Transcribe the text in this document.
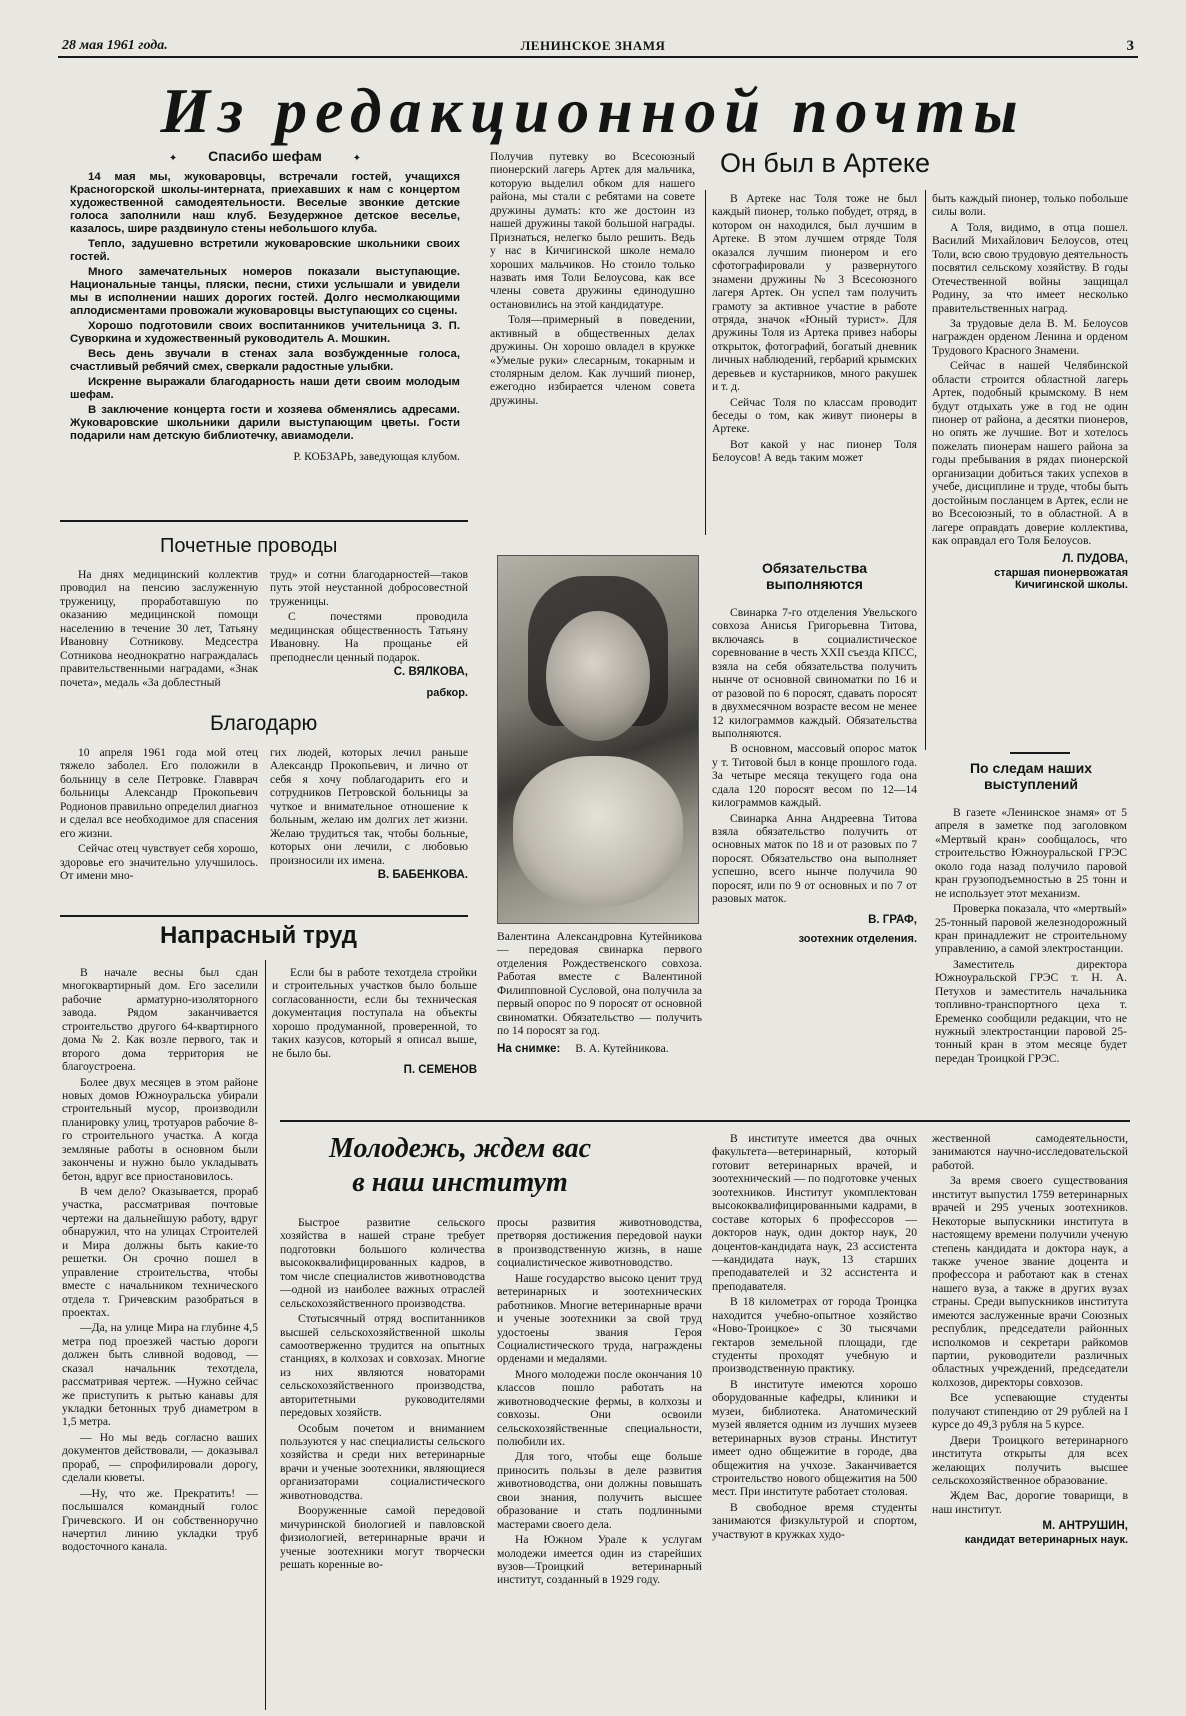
28 мая 1961 года.	ЛЕНИНСКОЕ ЗНАМЯ	3
Из редакционной почты
✦ Спасибо шефам	✦

14 мая мы, жуковаровцы, встречали гостей, учащихся Красногорской школы-интерната, приехавших к нам с концертом художественной самодеятельности. Веселые звонкие детские голоса заполнили наш клуб. Безудержное детское веселье, казалось, шире раздвинуло стены небольшого клуба.

Тепло, задушевно встретили жуковаровские школьники своих гостей.

Много замечательных номеров показали выступающие. Национальные танцы, пляски, песни, стихи услышали и увидели мы в исполнении наших дорогих гостей. Долго несмолкающими аплодисментами провожали жуковаровцы выступающих со сцены.

Хорошо подготовили своих воспитанников учительница З. П. Суворкина и художественный руководитель А. Мошкин.

Весь день звучали в стенах зала возбужденные голоса, счастливый ребячий смех, сверкали радостные улыбки.

Искренне выражали благодарность наши дети своим молодым шефам.

В заключение концерта гости и хозяева обменялись адресами. Жуковаровские школьники дарили выступающим цветы. Гости подарили нам детскую библиотечку, авиамодели.

Р. КОБЗАРЬ, заведующая клубом.
Он был в Артеке

Получив путевку во Всесоюзный пионерский лагерь Артек для мальчика, которую выделил обком для нашего района, мы стали с ребятами на совете дружины думать: кто же достоин из нашей дружины такой большой награды. Признаться, нелегко было решить. Ведь у нас в Кичигинской школе немало хороших мальчиков. Но стоило только назвать имя Толи Белоусова, как все члены совета дружины единодушно остановились на этой кандидатуре.

Толя—примерный в поведении, активный в общественных делах дружины. Он хорошо овладел в кружке «Умелые руки» слесарным, токарным и столярным делом. Как лучший пионер, ежегодно избирается членом совета дружины.

В Артеке нас Толя тоже не был каждый пионер, только побудет, отряд, в котором он находился, был лучшим в Артеке. В этом лучшем отряде Толя оказался лучшим пионером и его сфотографировали у развернутого знамени дружины № 3 Всесоюзного лагеря Артек. Он успел там получить грамоту за активное участие в работе отряда, значок «Юный турист». Для дружины Толя из Артека привез наборы открыток, фотографий, богатый дневник личных наблюдений, гербарий крымских деревьев и кустарников, много ракушек и т. д.

Сейчас Толя по классам проводит беседы о том, как живут пионеры в Артеке.

Вот какой у нас пионер Толя Белоусов! А ведь таким может

быть каждый пионер, только побольше силы воли.

А Толя, видимо, в отца пошел. Василий Михайлович Белоусов, отец Толи, всю свою трудовую деятельность посвятил сельскому хозяйству. В годы Отечественной войны защищал Родину, за что имеет несколько правительственных наград.

За трудовые дела В. М. Белоусов награжден орденом Ленина и орденом Трудового Красного Знамени.

Сейчас в нашей Челябинской области строится областной лагерь Артек, подобный крымскому. В нем будут отдыхать уже в год не один пионер от района, а десятки пионеров, но опять же лучшие. Вот и хотелось пожелать пионерам нашего района за годы пребывания в рядах пионерской организации добиться таких успехов в учебе, дисциплине и труде, чтобы быть достойным посланцем в Артек, если не во Всесоюзный, то в областной. А в лагере оправдать доверие коллектива, как оправдал его Толя Белоусов.

Л. ПУДОВА,
старшая пионервожатая Кичигинской школы.
Почетные проводы

На днях медицинский коллектив проводил на пенсию заслуженную труженицу, проработавшую по оказанию медицинской помощи населению в течение 30 лет, Татьяну Ивановну Сотникову. Медсестра Сотникова неоднократно награждалась правительственными наградами, «Знак почета», медаль «За доблестный

труд» и сотни благодарностей—таков путь этой неустанной добросовестной труженицы.

С почестями проводила медицинская общественность Татьяну Ивановну. На прощанье ей преподнесли ценный подарок.

С. ВЯЛКОВА,
рабкор.
Благодарю

10 апреля 1961 года мой отец тяжело заболел. Его положили в больницу в селе Петровке. Главврач больницы Александр Прокопьевич Родионов правильно определил диагноз и сделал все необходимое для спасения его жизни.

Сейчас отец чувствует себя хорошо, здоровье его значительно улучшилось. От имени мно-

гих людей, которых лечил раньше Александр Прокопьевич, и лично от себя я хочу поблагодарить его и сотрудников Петровской больницы за чуткое и внимательное отношение к больным, желаю им долгих лет жизни. Желаю трудиться так, чтобы больные, которых они лечили, с любовью произносили их имена.

В. БАБЕНКОВА.

Валентина Александровна Кутейникова — передовая свинарка первого отделения Рождественского совхоза. Работая вместе с Валентиной Филипповной Сусловой, она получила за первый опорос по 9 поросят от основной свиноматки. Обязательство — получить по 14 поросят за год.

На снимке: В. А. Кутейникова.
Обязательства выполняются

Свинарка 7-го отделения Увельского совхоза Анисья Григорьевна Титова, включаясь в социалистическое соревнование в честь XXII съезда КПСС, взяла на себя обязательства получить нынче от основной свиноматки по 16 и от разовой по 6 поросят, сдавать поросят в двухмесячном возрасте весом не менее 12 килограммов каждый. Обязательства выполняются.

В основном, массовый опорос маток у т. Титовой был в конце прошлого года. За четыре месяца текущего года она сдала 120 поросят весом по 12—14 килограммов каждый.

Свинарка Анна Андреевна Титова взяла обязательство получить от основных маток по 18 и от разовых по 7 поросят. Обязательство она выполняет успешно, всего нынче получила 90 поросят, или по 9 от основных и по 7 от разовых маток.

В. ГРАФ,
зоотехник отделения.
По следам наших выступлений

В газете «Ленинское знамя» от 5 апреля в заметке под заголовком «Мертвый кран» сообщалось, что строительство Южноуральской ГРЭС около года назад получило паровой кран грузоподъемностью в 25 тонн и не использует этот механизм.

Проверка показала, что «мертвый» 25-тонный паровой железнодорожный кран принадлежит не строительному управлению, а самой электростанции.

Заместитель директора Южноуральской ГРЭС т. Н. А. Петухов и заместитель начальника топливно-транспортного цеха т. Еременко сообщили редакции, что не нужный электростанции паровой 25-тонный кран в этом месяце будет передан Троицкой ГРЭС.

Напрасный труд

В начале весны был сдан многоквартирный дом. Его заселили рабочие арматурно-изоляторного завода. Рядом заканчивается строительство другого 64-квартирного дома № 2. Как возле первого, так и второго дома территория не благоустроена.

Более двух месяцев в этом районе новых домов Южноуральска убирали строительный мусор, производили планировку улиц, тротуаров рабочие 8-го строительного участка. А когда земляные работы в основном были закончены и нужно было укладывать бетон, вдруг все приостановилось.

В чем дело? Оказывается, прораб участка, рассматривая почтовые чертежи на дальнейшую работу, вдруг обнаружил, что на улицах Строителей и Мира должны быть какие-то решетки. Он срочно пошел в управление строительства, чтобы вместе с начальником технического отдела т. Гричевским разобраться в проектах.

—Да, на улице Мира на глубине 4,5 метра под проезжей частью дороги должен быть сливной водовод, —сказал начальник техотдела, рассматривая чертеж. —Нужно сейчас же приступить к рытью канавы для укладки бетонных труб диаметром в 1,5 метра.

— Но мы ведь согласно ваших документов действовали, — доказывал прораб, — спрофилировали дорогу, сделали кюветы.

—Ну, что же. Прекратить! — послышался командный голос Гричевского. И он собственноручно начертил линию укладки труб водосточного канала.

Если бы в работе техотдела стройки и строительных участков было больше согласованности, если бы техническая документация поступала на объекты хорошо продуманной, проверенной, то таких казусов, который я описал выше, не было бы.

П. СЕМЕНОВ
Молодежь, ждем вас
в наш институт

Быстрое развитие сельского хозяйства в нашей стране требует подготовки большого количества высококвалифицированных кадров, в том числе специалистов животноводства—одной из наиболее важных отраслей сельскохозяйственного производства.

Стотысячный отряд воспитанников высшей сельскохозяйственной школы самоотверженно трудится на опытных станциях, в колхозах и совхозах. Многие из них являются новаторами сельскохозяйственного производства, авторитетными руководителями передовых хозяйств.

Особым почетом и вниманием пользуются у нас специалисты сельского хозяйства и среди них ветеринарные врачи и ученые зоотехники, являющиеся организаторами социалистического животноводства.

Вооруженные самой передовой мичуринской биологией и павловской физиологией, ветеринарные врачи и ученые зоотехники могут творчески решать коренные во-

просы развития животноводства, претворяя достижения передовой науки в производственную жизнь, в наше социалистическое животноводство.

Наше государство высоко ценит труд ветеринарных и зоотехнических работников. Многие ветеринарные врачи и ученые зоотехники за свой труд удостоены звания Героя Социалистического труда, награждены орденами и медалями.

Много молодежи после окончания 10 классов пошло работать на животноводческие фермы, в колхозы и совхозы. Они освоили сельскохозяйственные специальности, полюбили их.

Для того, чтобы еще больше приносить пользы в деле развития животноводства, они должны повышать свои знания, получить высшее образование и стать подлинными мастерами своего дела.

На Южном Урале к услугам молодежи имеется один из старейших вузов—Троицкий ветеринарный институт, созданный в 1929 году.

В институте имеется два очных факультета—ветеринарный, который готовит ветеринарных врачей, и зоотехнический — по подготовке ученых зоотехников. Институт укомплектован высококвалифицированными кадрами, в составе которых 6 профессоров — докторов наук, один доктор наук, 20 доцентов-кандидата наук, 23 ассистента—кандидата наук, 13 старших преподавателей и 32 ассистента и преподавателя.

В 18 километрах от города Троицка находится учебно-опытное хозяйство «Ново-Троицкое» с 30 тысячами гектаров земельной площади, где студенты проходят учебную и производственную практику.

В институте имеются хорошо оборудованные кафедры, клиники и музеи, библиотека. Анатомический музей является одним из лучших музеев ветеринарных вузов страны. Институт имеет одно общежитие в городе, два общежития на учхозе. Заканчивается строительство нового общежития на 500 мест. При институте работает столовая.

В свободное время студенты занимаются физкультурой и спортом, участвуют в кружках худо-

жественной самодеятельности, занимаются научно-исследовательской работой.

За время своего существования институт выпустил 1759 ветеринарных врачей и 295 ученых зоотехников. Некоторые выпускники института в настоящему времени получили ученую степень кандидата и доктора наук, а также ученое звание доцента и профессора и работают как в стенах нашего вуза, а также в других вузах страны. Среди выпускников института имеются заслуженные врачи Союзных республик, председатели районных исполкомов и секретари райкомов партии, руководители различных областных учреждений, председатели колхозов, директоры совхозов.

Все успевающие студенты получают стипендию от 29 рублей на I курсе до 49,3 рубля на 5 курсе.

Двери Троицкого ветеринарного института открыты для всех желающих получить высшее сельскохозяйственное образование.

Ждем Вас, дорогие товарищи, в наш институт.

М. АНТРУШИН,
кандидат ветеринарных наук.
